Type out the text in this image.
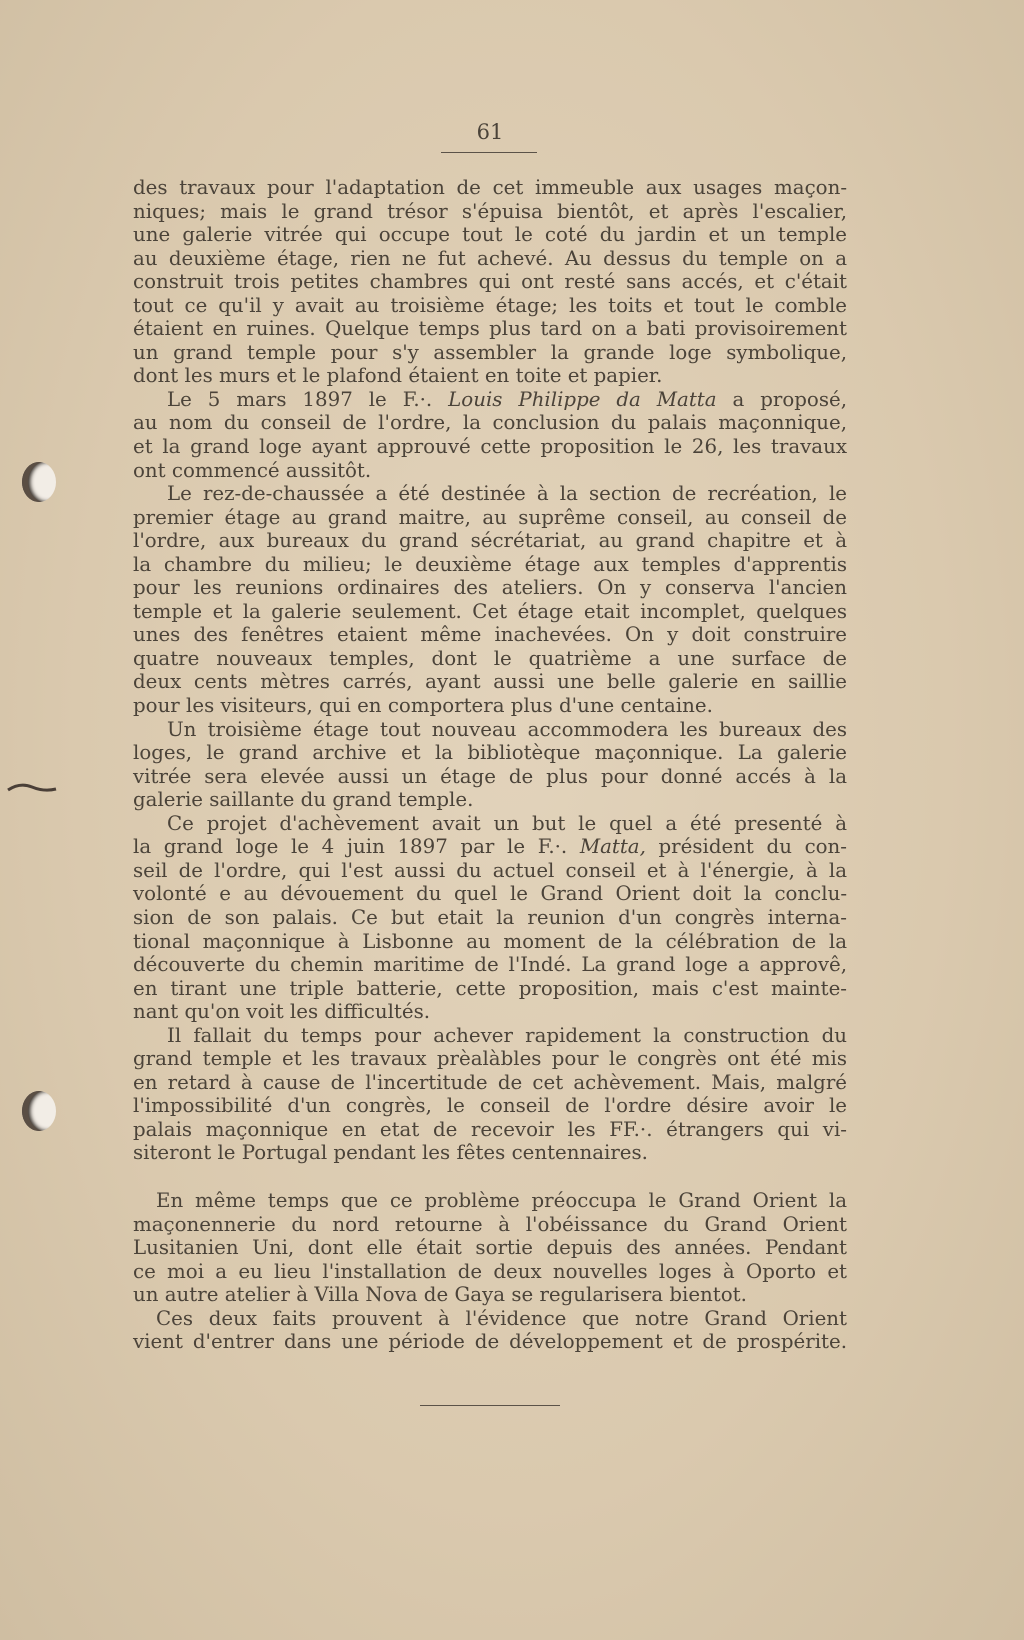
61
des travaux pour l'adaptation de cet immeuble aux usages maçon-
niques; mais le grand trésor s'épuisa bientôt, et après l'escalier,
une galerie vitrée qui occupe tout le coté du jardin et un temple
au deuxième étage, rien ne fut achevé. Au dessus du temple on a
construit trois petites chambres qui ont resté sans accés, et c'était
tout ce qu'il y avait au troisième étage; les toits et tout le comble
étaient en ruines. Quelque temps plus tard on a bati provisoirement
un grand temple pour s'y assembler la grande loge symbolique,
dont les murs et le plafond étaient en toite et papier.
Le 5 mars 1897 le F.·. Louis Philippe da Matta a proposé,
au nom du conseil de l'ordre, la conclusion du palais maçonnique,
et la grand loge ayant approuvé cette proposition le 26, les travaux
ont commencé aussitôt.
Le rez-de-chaussée a été destinée à la section de recréation, le
premier étage au grand maitre, au suprême conseil, au conseil de
l'ordre, aux bureaux du grand sécrétariat, au grand chapitre et à
la chambre du milieu; le deuxième étage aux temples d'apprentis
pour les reunions ordinaires des ateliers. On y conserva l'ancien
temple et la galerie seulement. Cet étage etait incomplet, quelques
unes des fenêtres etaient même inachevées. On y doit construire
quatre nouveaux temples, dont le quatrième a une surface de
deux cents mètres carrés, ayant aussi une belle galerie en saillie
pour les visiteurs, qui en comportera plus d'une centaine.
Un troisième étage tout nouveau accommodera les bureaux des
loges, le grand archive et la bibliotèque maçonnique. La galerie
vitrée sera elevée aussi un étage de plus pour donné accés à la
galerie saillante du grand temple.
Ce projet d'achèvement avait un but le quel a été presenté à
la grand loge le 4 juin 1897 par le F.·. Matta, président du con-
seil de l'ordre, qui l'est aussi du actuel conseil et à l'énergie, à la
volonté e au dévouement du quel le Grand Orient doit la conclu-
sion de son palais. Ce but etait la reunion d'un congrès interna-
tional maçonnique à Lisbonne au moment de la célébration de la
découverte du chemin maritime de l'Indé. La grand loge a approvê,
en tirant une triple batterie, cette proposition, mais c'est mainte-
nant qu'on voit les difficultés.
Il fallait du temps pour achever rapidement la construction du
grand temple et les travaux prèalàbles pour le congrès ont été mis
en retard à cause de l'incertitude de cet achèvement. Mais, malgré
l'impossibilité d'un congrès, le conseil de l'ordre désire avoir le
palais maçonnique en etat de recevoir les FF.·. étrangers qui vi-
siteront le Portugal pendant les fêtes centennaires.
En même temps que ce problème préoccupa le Grand Orient la
maçonennerie du nord retourne à l'obéissance du Grand Orient
Lusitanien Uni, dont elle était sortie depuis des années. Pendant
ce moi a eu lieu l'installation de deux nouvelles loges à Oporto et
un autre atelier à Villa Nova de Gaya se regularisera bientot.
Ces deux faits prouvent à l'évidence que notre Grand Orient
vient d'entrer dans une période de développement et de prospérite.
